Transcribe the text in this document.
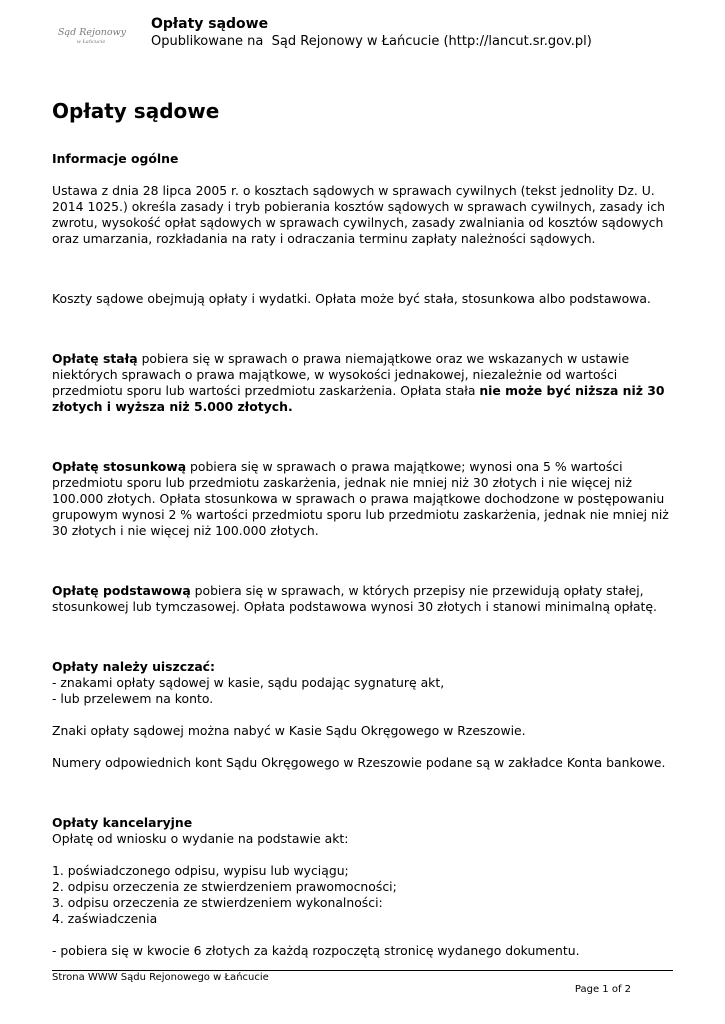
Sąd Rejonowy
w Łańcucie
Opłaty sądowe
Opublikowane na  Sąd Rejonowy w Łańcucie (http://lancut.sr.gov.pl)
Opłaty sądowe

Informacje ogólne

Ustawa z dnia 28 lipca 2005 r. o kosztach sądowych w sprawach cywilnych (tekst jednolity Dz. U. 2014 1025.) określa zasady i tryb pobierania kosztów sądowych w sprawach cywilnych, zasady ich zwrotu, wysokość opłat sądowych w sprawach cywilnych, zasady zwalniania od kosztów sądowych oraz umarzania, rozkładania na raty i odraczania terminu zapłaty należności sądowych.

Koszty sądowe obejmują opłaty i wydatki. Opłata może być stała, stosunkowa albo podstawowa.

Opłatę stałą pobiera się w sprawach o prawa niemajątkowe oraz we wskazanych w ustawie niektórych sprawach o prawa majątkowe, w wysokości jednakowej, niezależnie od wartości przedmiotu sporu lub wartości przedmiotu zaskarżenia. Opłata stała nie może być niższa niż 30 złotych i wyższa niż 5.000 złotych.

Opłatę stosunkową pobiera się w sprawach o prawa majątkowe; wynosi ona 5 % wartości przedmiotu sporu lub przedmiotu zaskarżenia, jednak nie mniej niż 30 złotych i nie więcej niż 100.000 złotych. Opłata stosunkowa w sprawach o prawa majątkowe dochodzone w postępowaniu grupowym wynosi 2 % wartości przedmiotu sporu lub przedmiotu zaskarżenia, jednak nie mniej niż 30 złotych i nie więcej niż 100.000 złotych.

Opłatę podstawową pobiera się w sprawach, w których przepisy nie przewidują opłaty stałej, stosunkowej lub tymczasowej. Opłata podstawowa wynosi 30 złotych i stanowi minimalną opłatę.

Opłaty należy uiszczać:

- znakami opłaty sądowej w kasie, sądu podając sygnaturę akt,

- lub przelewem na konto.

Znaki opłaty sądowej można nabyć w Kasie Sądu Okręgowego w Rzeszowie.

Numery odpowiednich kont Sądu Okręgowego w Rzeszowie podane są w zakładce Konta bankowe.

Opłaty kancelaryjne

Opłatę od wniosku o wydanie na podstawie akt:

1. poświadczonego odpisu, wypisu lub wyciągu;

2. odpisu orzeczenia ze stwierdzeniem prawomocności;

3. odpisu orzeczenia ze stwierdzeniem wykonalności:

4. zaświadczenia

- pobiera się w kwocie 6 złotych za każdą rozpoczętą stronicę wydanego dokumentu.

Strona WWW Sądu Rejonowego w Łańcucie
Page 1 of 2
